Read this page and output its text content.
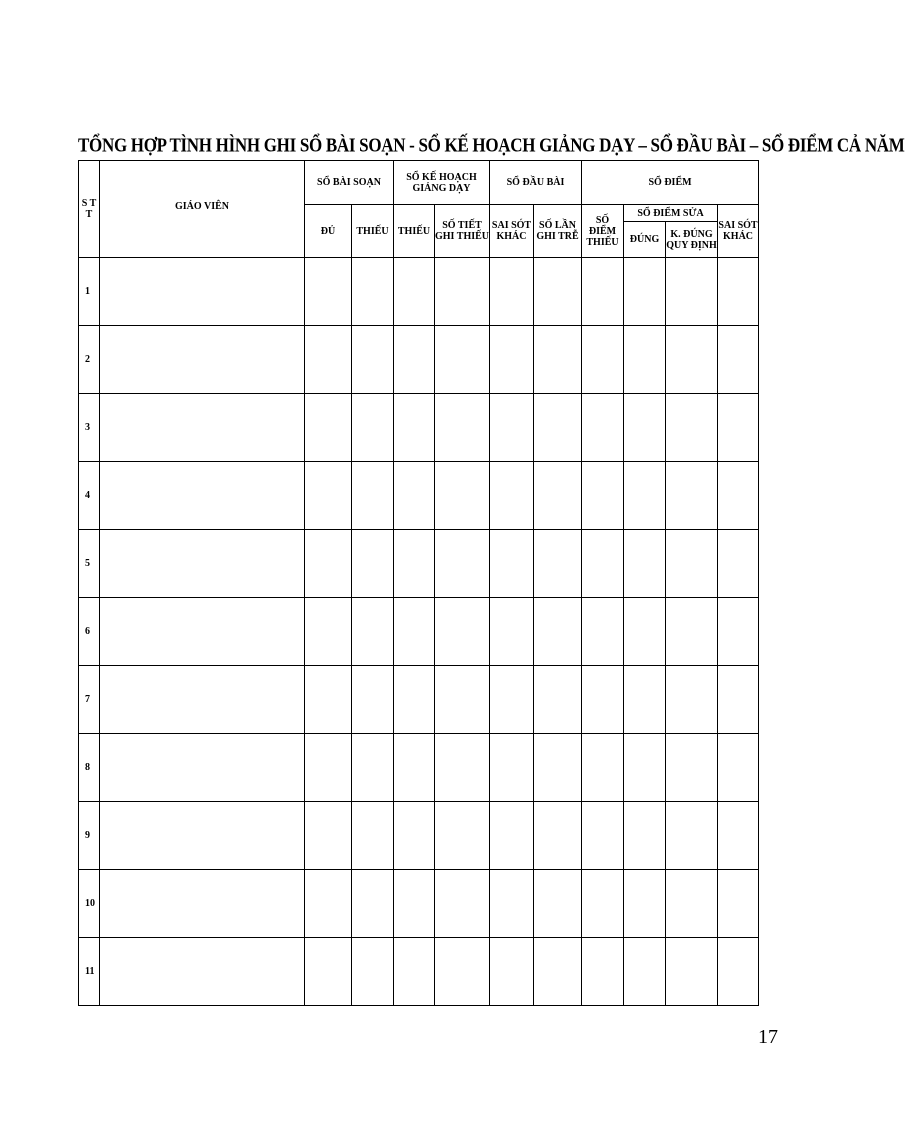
TỔNG HỢP TÌNH HÌNH GHI SỔ BÀI SOẠN - SỔ KẾ HOẠCH GIẢNG DẠY – SỔ ĐẦU BÀI – SỔ ĐIỂM CẢ NĂM
S T T	GIÁO VIÊN	SỔ BÀI SOẠN		SỔ KẾ HOẠCH GIẢNG DẠY		SỔ ĐẦU BÀI		SỔ ĐIỂM			
		ĐỦ	THIẾU	THIẾU	SỐ TIẾT GHI THIẾU	SAI SÓT KHÁC	SỐ LẦN GHI TRỄ	SỐ ĐIỂM THIẾU	SỔ ĐIỂM SỬA		SAI SÓT KHÁC
									ĐÚNG	K. ĐÚNG QUY ĐỊNH	
1											
2											
3											
4											
5											
6											
7											
8											
9											
10											
11											
17
